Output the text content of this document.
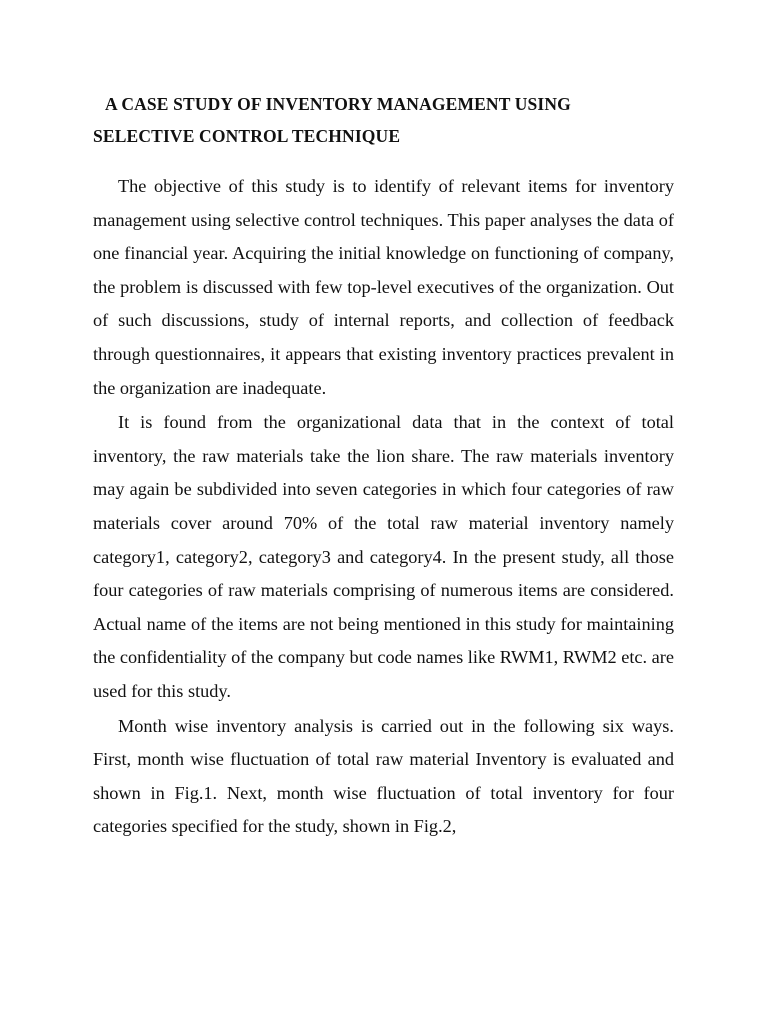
A CASE STUDY OF INVENTORY MANAGEMENT USING SELECTIVE CONTROL TECHNIQUE

The objective of this study is to identify of relevant items for inventory management using selective control techniques. This paper analyses the data of one financial year. Acquiring the initial knowledge on functioning of company, the problem is discussed with few top-level executives of the organization. Out of such discussions, study of internal reports, and collection of feedback through questionnaires, it appears that existing inventory practices prevalent in the organization are inadequate.

It is found from the organizational data that in the context of total inventory, the raw materials take the lion share. The raw materials inventory may again be subdivided into seven categories in which four categories of raw materials cover around 70% of the total raw material inventory namely category1, category2, category3 and category4. In the present study, all those four categories of raw materials comprising of numerous items are considered. Actual name of the items are not being mentioned in this study for maintaining the confidentiality of the company but code names like RWM1, RWM2 etc. are used for this study.

Month wise inventory analysis is carried out in the following six ways. First, month wise fluctuation of total raw material Inventory is evaluated and shown in Fig.1. Next, month wise fluctuation of total inventory for four categories specified for the study, shown in Fig.2,
